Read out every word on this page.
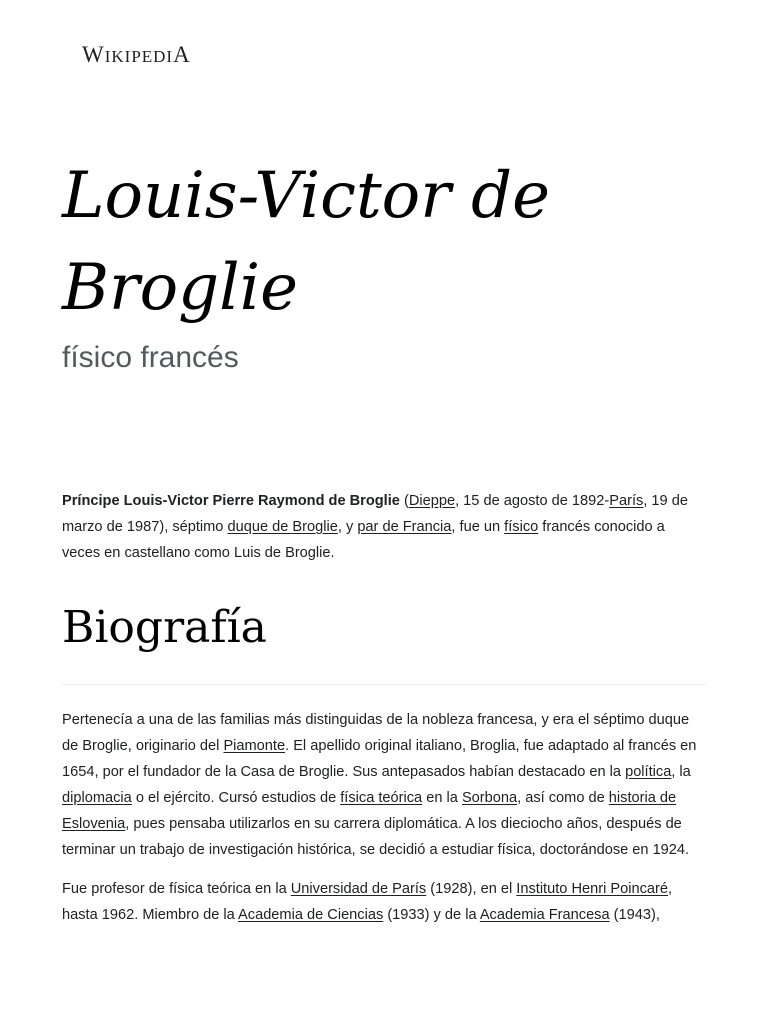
WIKIPEDIA
Louis-Victor de
Broglie
físico francés

Príncipe Louis-Victor Pierre Raymond de Broglie (Dieppe, 15 de agosto de 1892-París, 19 de marzo de 1987), séptimo duque de Broglie, y par de Francia, fue un físico francés conocido a veces en castellano como Luis de Broglie.

Biografía

Pertenecía a una de las familias más distinguidas de la nobleza francesa, y era el séptimo duque de Broglie, originario del Piamonte. El apellido original italiano, Broglia, fue adaptado al francés en 1654, por el fundador de la Casa de Broglie. Sus antepasados habían destacado en la política, la diplomacia o el ejército. Cursó estudios de física teórica en la Sorbona, así como de historia de Eslovenia, pues pensaba utilizarlos en su carrera diplomática. A los dieciocho años, después de terminar un trabajo de investigación histórica, se decidió a estudiar física, doctorándose en 1924.

Fue profesor de física teórica en la Universidad de París (1928), en el Instituto Henri Poincaré, hasta 1962. Miembro de la Academia de Ciencias (1933) y de la Academia Francesa (1943),
